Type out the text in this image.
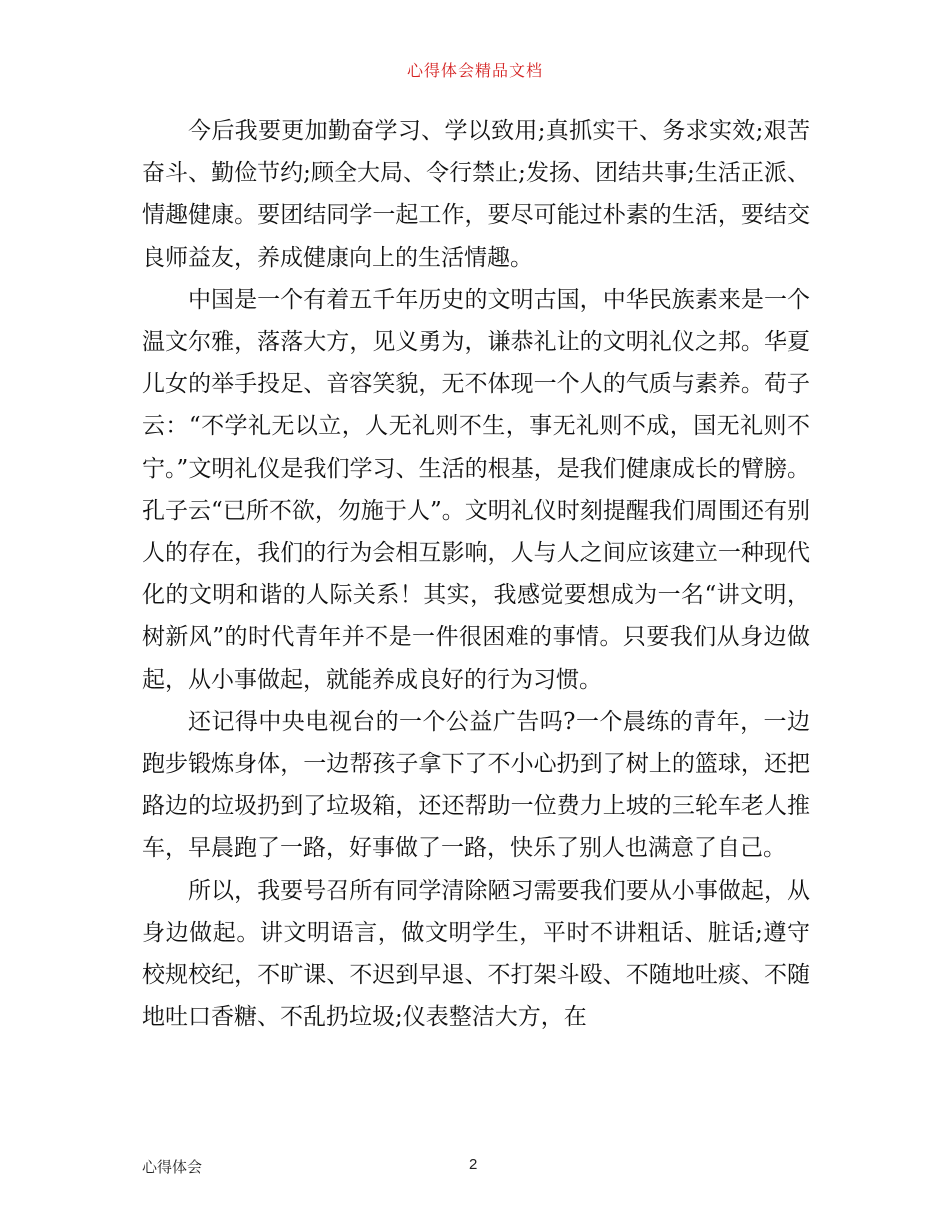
心得体会精品文档

今后我要更加勤奋学习、学以致用;真抓实干、务求实效;艰苦奋斗、勤俭节约;顾全大局、令行禁止;发扬、团结共事;生活正派、情趣健康。要团结同学一起工作，要尽可能过朴素的生活，要结交良师益友，养成健康向上的生活情趣。

中国是一个有着五千年历史的文明古国，中华民族素来是一个温文尔雅，落落大方，见义勇为，谦恭礼让的文明礼仪之邦。华夏儿女的举手投足、音容笑貌，无不体现一个人的气质与素养。荀子云：“不学礼无以立，人无礼则不生，事无礼则不成，国无礼则不宁。”文明礼仪是我们学习、生活的根基，是我们健康成长的臂膀。孔子云“已所不欲，勿施于人”。文明礼仪时刻提醒我们周围还有别人的存在，我们的行为会相互影响，人与人之间应该建立一种现代化的文明和谐的人际关系！其实，我感觉要想成为一名“讲文明，树新风”的时代青年并不是一件很困难的事情。只要我们从身边做起，从小事做起，就能养成良好的行为习惯。

还记得中央电视台的一个公益广告吗?一个晨练的青年，一边跑步锻炼身体，一边帮孩子拿下了不小心扔到了树上的篮球，还把路边的垃圾扔到了垃圾箱，还还帮助一位费力上坡的三轮车老人推车，早晨跑了一路，好事做了一路，快乐了别人也满意了自己。

所以，我要号召所有同学清除陋习需要我们要从小事做起，从身边做起。讲文明语言，做文明学生，平时不讲粗话、脏话;遵守校规校纪，不旷课、不迟到早退、不打架斗殴、不随地吐痰、不随地吐口香糖、不乱扔垃圾;仪表整洁大方，在

心得体会	2
